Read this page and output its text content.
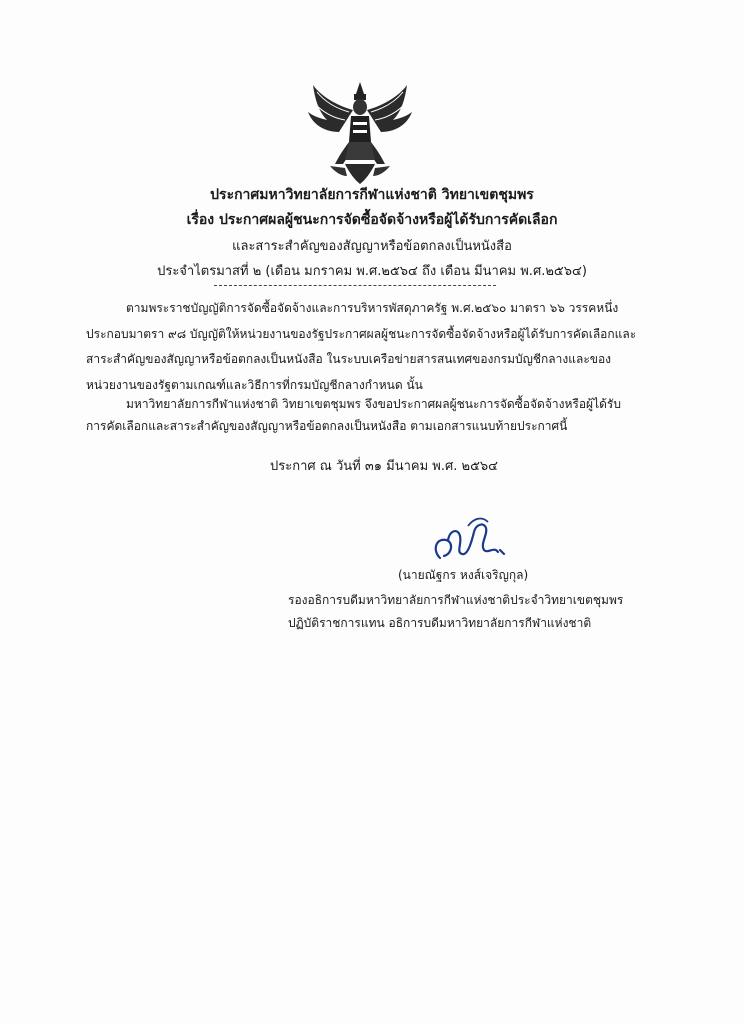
ประกาศมหาวิทยาลัยการกีฬาแห่งชาติ วิทยาเขตชุมพร
เรื่อง ประกาศผลผู้ชนะการจัดซื้อจัดจ้างหรือผู้ได้รับการคัดเลือก
และสาระสำคัญของสัญญาหรือข้อตกลงเป็นหนังสือ
ประจำไตรมาสที่ ๒ (เดือน มกราคม พ.ศ.๒๕๖๔ ถึง เดือน มีนาคม พ.ศ.๒๕๖๔)
ตามพระราชบัญญัติการจัดซื้อจัดจ้างและการบริหารพัสดุภาครัฐ พ.ศ.๒๕๖๐ มาตรา ๖๖ วรรคหนึ่ง
ประกอบมาตรา ๙๘ บัญญัติให้หน่วยงานของรัฐประกาศผลผู้ชนะการจัดซื้อจัดจ้างหรือผู้ได้รับการคัดเลือกและ
สาระสำคัญของสัญญาหรือข้อตกลงเป็นหนังสือ ในระบบเครือข่ายสารสนเทศของกรมบัญชีกลางและของ
หน่วยงานของรัฐตามเกณฑ์และวิธีการที่กรมบัญชีกลางกำหนด นั้น
มหาวิทยาลัยการกีฬาแห่งชาติ วิทยาเขตชุมพร จึงขอประกาศผลผู้ชนะการจัดซื้อจัดจ้างหรือผู้ได้รับ
การคัดเลือกและสาระสำคัญของสัญญาหรือข้อตกลงเป็นหนังสือ ตามเอกสารแนบท้ายประกาศนี้
ประกาศ ณ วันที่ ๓๑ มีนาคม พ.ศ. ๒๕๖๔
(นายณัฐกร หงส์เจริญกุล)
รองอธิการบดีมหาวิทยาลัยการกีฬาแห่งชาติประจำวิทยาเขตชุมพร
ปฏิบัติราชการแทน อธิการบดีมหาวิทยาลัยการกีฬาแห่งชาติ
